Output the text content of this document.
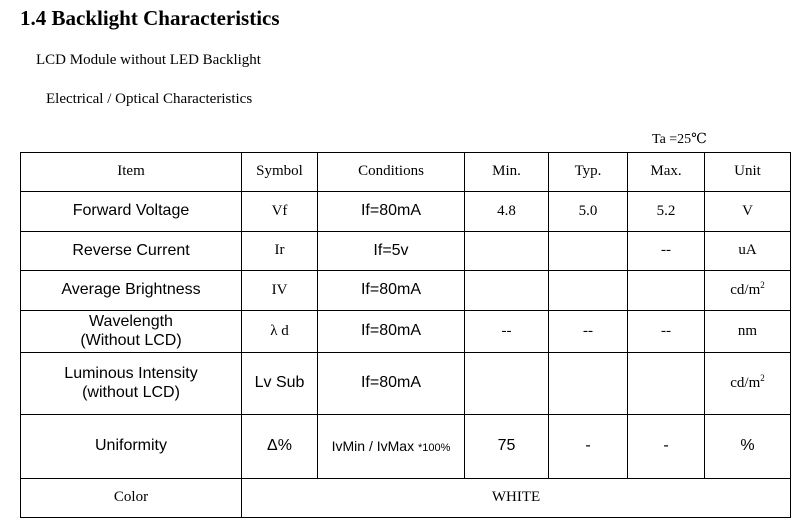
1.4 Backlight Characteristics
LCD Module without LED Backlight
Electrical / Optical Characteristics
Ta =25℃
Item	Symbol	Conditions	Min.	Typ.	Max.	Unit
Forward Voltage	Vf	If=80mA	4.8	5.0	5.2	V
Reverse Current	Ir	If=5v			--	uA
Average Brightness	IV	If=80mA				$cd/m^2$

Wavelength
(Without LCD)	λ d	If=80mA	--	--	--	nm

Luminous Intensity
(without LCD)	Lv Sub	If=80mA				$cd/m^2$
Uniformity	Δ%	IvMin / IvMax *100%	75	-	-	%
Color	WHITE					
